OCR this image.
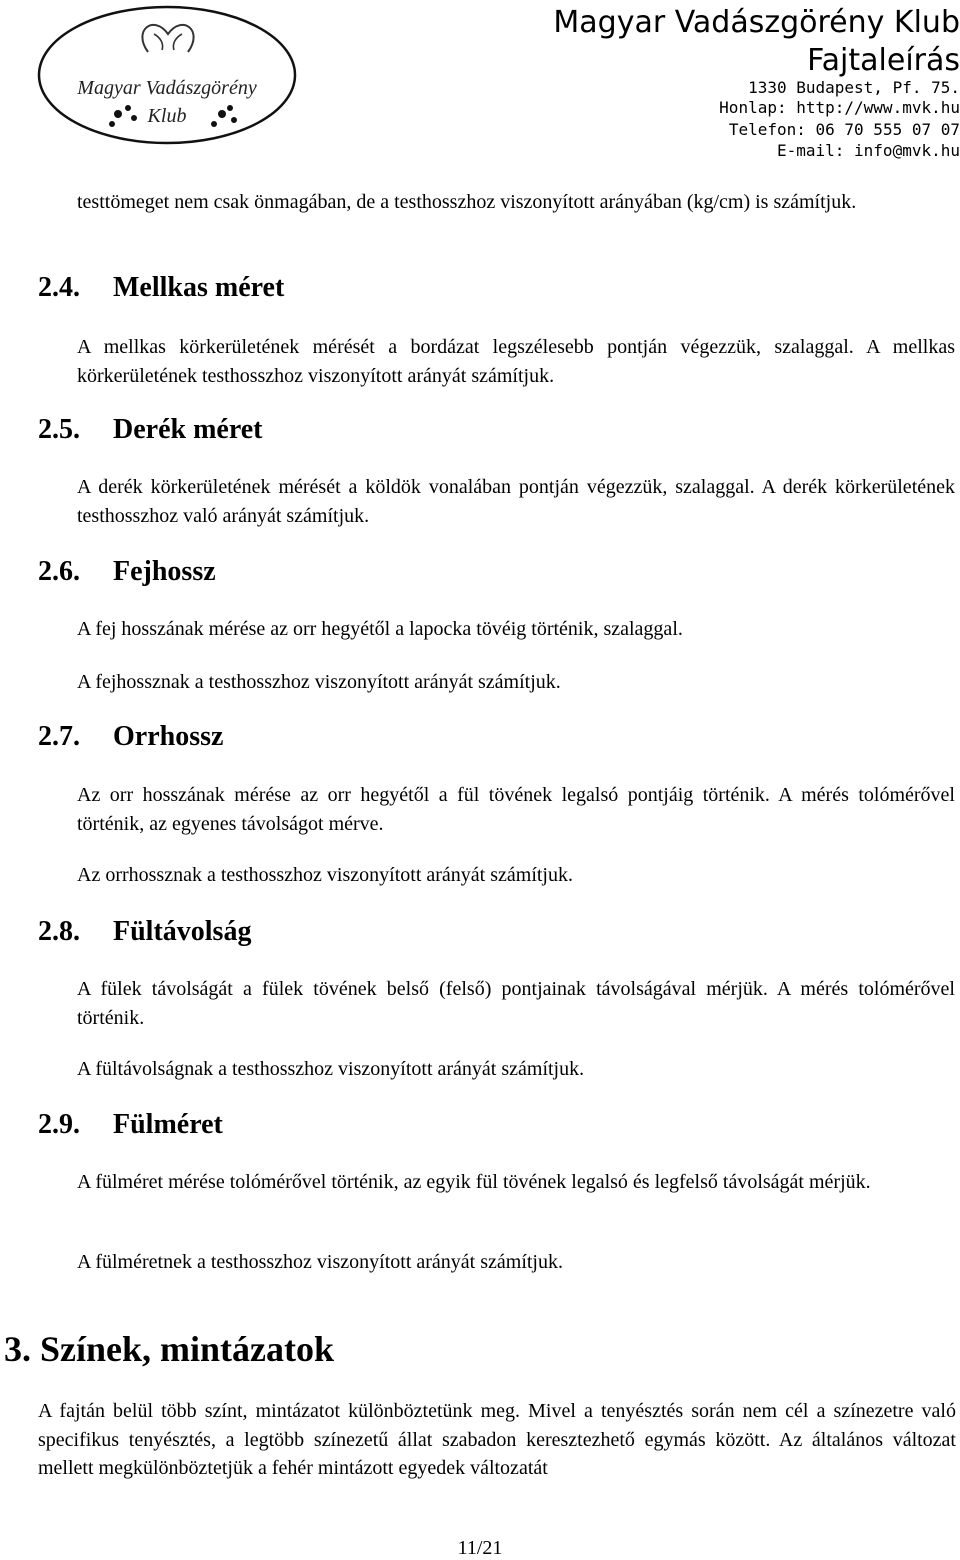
Magyar Vadászgörény
Klub
Magyar Vadászgörény Klub
Fajtaleírás
1330 Budapest, Pf. 75.
Honlap: http://www.mvk.hu
Telefon: 06 70 555 07 07
E-mail: info@mvk.hu
testtömeget nem csak önmagában, de a testhosszhoz viszonyított arányában (kg/cm) is számítjuk.
2.4. Mellkas méret
A mellkas körkerületének mérését a bordázat legszélesebb pontján végezzük, szalaggal. A mellkas körkerületének testhosszhoz viszonyított arányát számítjuk.
2.5. Derék méret
A derék körkerületének mérését a köldök vonalában pontján végezzük, szalaggal. A derék körkerületének testhosszhoz való arányát számítjuk.
2.6. Fejhossz
A fej hosszának mérése az orr hegyétől a lapocka tövéig történik, szalaggal.
A fejhossznak a testhosszhoz viszonyított arányát számítjuk.
2.7. Orrhossz
Az orr hosszának mérése az orr hegyétől a fül tövének legalsó pontjáig történik. A mérés tolómérővel történik, az egyenes távolságot mérve.
Az orrhossznak a testhosszhoz viszonyított arányát számítjuk.
2.8. Fültávolság
A fülek távolságát a fülek tövének belső (felső) pontjainak távolságával mérjük. A mérés tolómérővel történik.
A fültávolságnak a testhosszhoz viszonyított arányát számítjuk.
2.9. Fülméret
A fülméret mérése tolómérővel történik, az egyik fül tövének legalsó és legfelső távolságát mérjük.
A fülméretnek a testhosszhoz viszonyított arányát számítjuk.
3. Színek, mintázatok
A fajtán belül több színt, mintázatot különböztetünk meg. Mivel a tenyésztés során nem cél a színezetre való specifikus tenyésztés, a legtöbb színezetű állat szabadon keresztezhető egymás között. Az általános változat mellett megkülönböztetjük a fehér mintázott egyedek változatát
11/21
